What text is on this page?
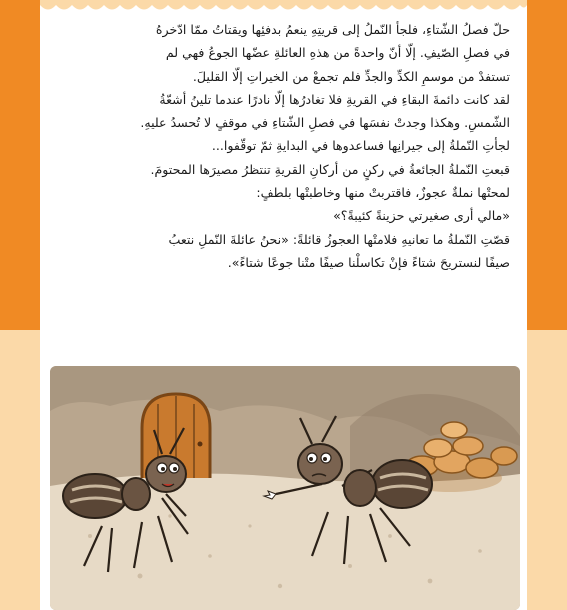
حلّ فصلُ الشّتاءِ، فلجأ النّملُ إلى قريتِهِ ينعمُ بدفئِها ويقتاتُ ممّا ادّخرهُ
في فصلِ الصّيفِ. إلّا أنّ واحدةً من هذهِ العائلةِ عضّها الجوعُ فهي لم
تستفدْ من موسمِ الكدِّ والجدِّ فلم تجمعْ من الخيراتِ إلّا القليلَ.
لقد كانت دائمةَ البقاءِ في القريةِ فلا تغادرُها إلّا نادرًا عندما تلينُ أشعّةُ
الشّمسِ. وهكذا وجدتْ نفسَها في فصلِ الشّتاءِ في موقفٍ لا تُحسدُ عليهِ.
لجأتِ النّملةُ إلى جيرانِها فساعدوها في البدايةِ ثمّ توقّفوا...
قبعتِ النّملةُ الجائعةُ في ركنٍ من أركانِ القريةِ تنتظرُ مصيرَها المحتومَ.
لمحتْها نملةٌ عجوزٌ، فاقتربتْ منها وخاطبتْها بلطفٍ:
«مالي أرى صغيرتي حزينةً كئيبةً؟»
قصّتِ النّملةُ ما تعانيهِ فلامتْها العجوزُ قائلةً: «نحنُ عائلةَ النّملِ نتعبُ
صيفًا لنستريحَ شتاءً فإنْ تكاسلْنا صيفًا متْنا جوعًا شتاءً».
